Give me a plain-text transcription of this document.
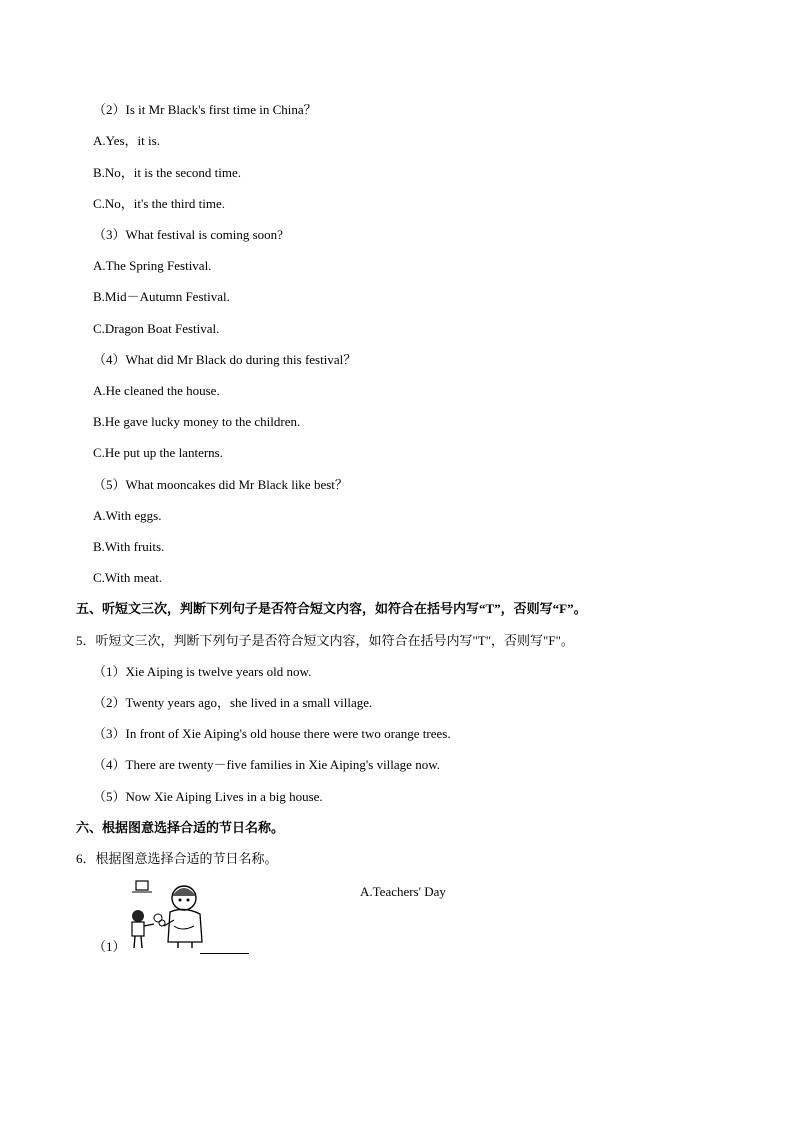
（2）Is it Mr Black's first time in China？
A.Yes，it is.
B.No，it is the second time.
C.No，it's the third time.
（3）What festival is coming soon?
A.The Spring Festival.
B.Mid－Autumn Festival.
C.Dragon Boat Festival.
（4）What did Mr Black do during this festival？
A.He cleaned the house.
B.He gave lucky money to the children.
C.He put up the lanterns.
（5）What mooncakes did Mr Black like best？
A.With eggs.
B.With fruits.
C.With meat.
五、听短文三次，判断下列句子是否符合短文内容，如符合在括号内写“T”，否则写“F”。
5．听短文三次，判断下列句子是否符合短文内容，如符合在括号内写"T"，否则写"F"。
（1）Xie Aiping is twelve years old now.
（2）Twenty years ago，she lived in a small village.
（3）In front of Xie Aiping's old house there were two orange trees.
（4）There are twenty－five families in Xie Aiping's village now.
（5）Now Xie Aiping Lives in a big house.
六、根据图意选择合适的节日名称。
6．根据图意选择合适的节日名称。
A.Teachers' Day
（1）
